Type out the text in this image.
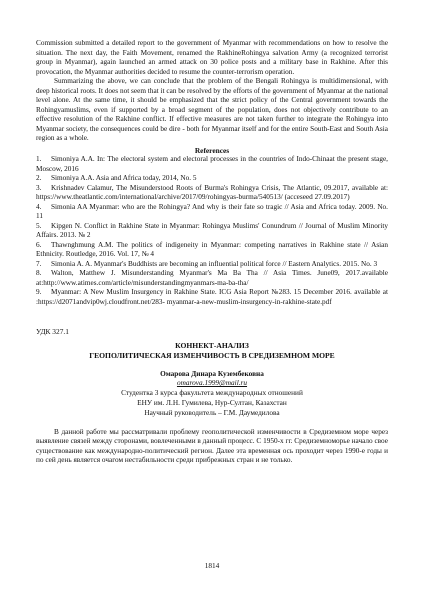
Commission submitted a detailed report to the government of Myanmar with recommendations on how to resolve the situation. The next day, the Faith Movement, renamed the RakhineRohingya salvation Army (a recognized terrorist group in Myanmar), again launched an armed attack on 30 police posts and a military base in Rakhine. After this provocation, the Myanmar authorities decided to resume the counter-terrorism operation.

Summarizing the above, we can conclude that the problem of the Bengali Rohingya is multidimensional, with deep historical roots. It does not seem that it can be resolved by the efforts of the government of Myanmar at the national level alone. At the same time, it should be emphasized that the strict policy of the Central government towards the Rohingyamuslims, even if supported by a broad segment of the population, does not objectively contribute to an effective resolution of the Rakhine conflict. If effective measures are not taken further to integrate the Rohingya into Myanmar society, the consequences could be dire - both for Myanmar itself and for the entire South-East and South Asia region as a whole.

References

1. Simoniya A.A. In: The electoral system and electoral processes in the countries of Indo-Chinaat the present stage, Moscow, 2016
2. Simoniya A.A. Asia and Africa today, 2014, No. 5
3. Krishnadev Calamur, The Misunderstood Roots of Burma's Rohingya Crisis, The Atlantic, 09.2017, available at: https://www.theatlantic.com/international/archive/2017/09/rohingyas-burma/540513/ (acceseed 27.09.2017)
4. Simonia AA Myanmar: who are the Rohingya? And why is their fate so tragic // Asia and Africa today. 2009. No. 11
5. Kipgen N. Conflict in Rakhine State in Myanmar: Rohingya Muslims' Conundrum // Journal of Muslim Minority Affairs. 2013. № 2
6. Thawnghmung A.M. The politics of indigeneity in Myanmar: competing narratives in Rakhine state // Asian Ethnicity. Routledge, 2016. Vol. 17, № 4
7. Simonia A. A. Myanmar's Buddhists are becoming an influential political force // Eastern Analytics. 2015. No. 3
8. Walton, Matthew J. Misunderstanding Myanmar's Ma Ba Tha // Asia Times. June09, 2017.available at:http://www.atimes.com/article/misunderstandingmyanmars-ma-ba-tha/
9. Myanmar: A New Muslim Insurgency in Rakhine State. ICG Asia Report №283. 15 December 2016. available at :https://d2071andvip0wj.cloudfront.net/283- myanmar-a-new-muslim-insurgency-in-rakhine-state.pdf

УДК 327.1

КОННЕКТ-АНАЛИЗ

ГЕОПОЛИТИЧЕСКАЯ ИЗМЕНЧИВОСТЬ В СРЕДИЗЕМНОМ МОРЕ

Омарова Динара Кузембековна

omarova.1999@mail.ru

Студентка 3 курса факультета международных отношений

ЕНУ им. Л.Н. Гумилева, Нур-Султан, Казахстан

Научный руководитель – Г.М. Даумедилова

В данной работе мы рассматривали проблему геополитической изменчивости в Средиземном море через выявление связей между сторонами, вовлеченными в данный процесс. С 1950-х гг. Средиземноморье начало свое существование как международно-политический регион. Далее эта временная ось проходит через 1990-е годы и по сей день является очагом нестабильности среди прибрежных стран и не только.

1814
